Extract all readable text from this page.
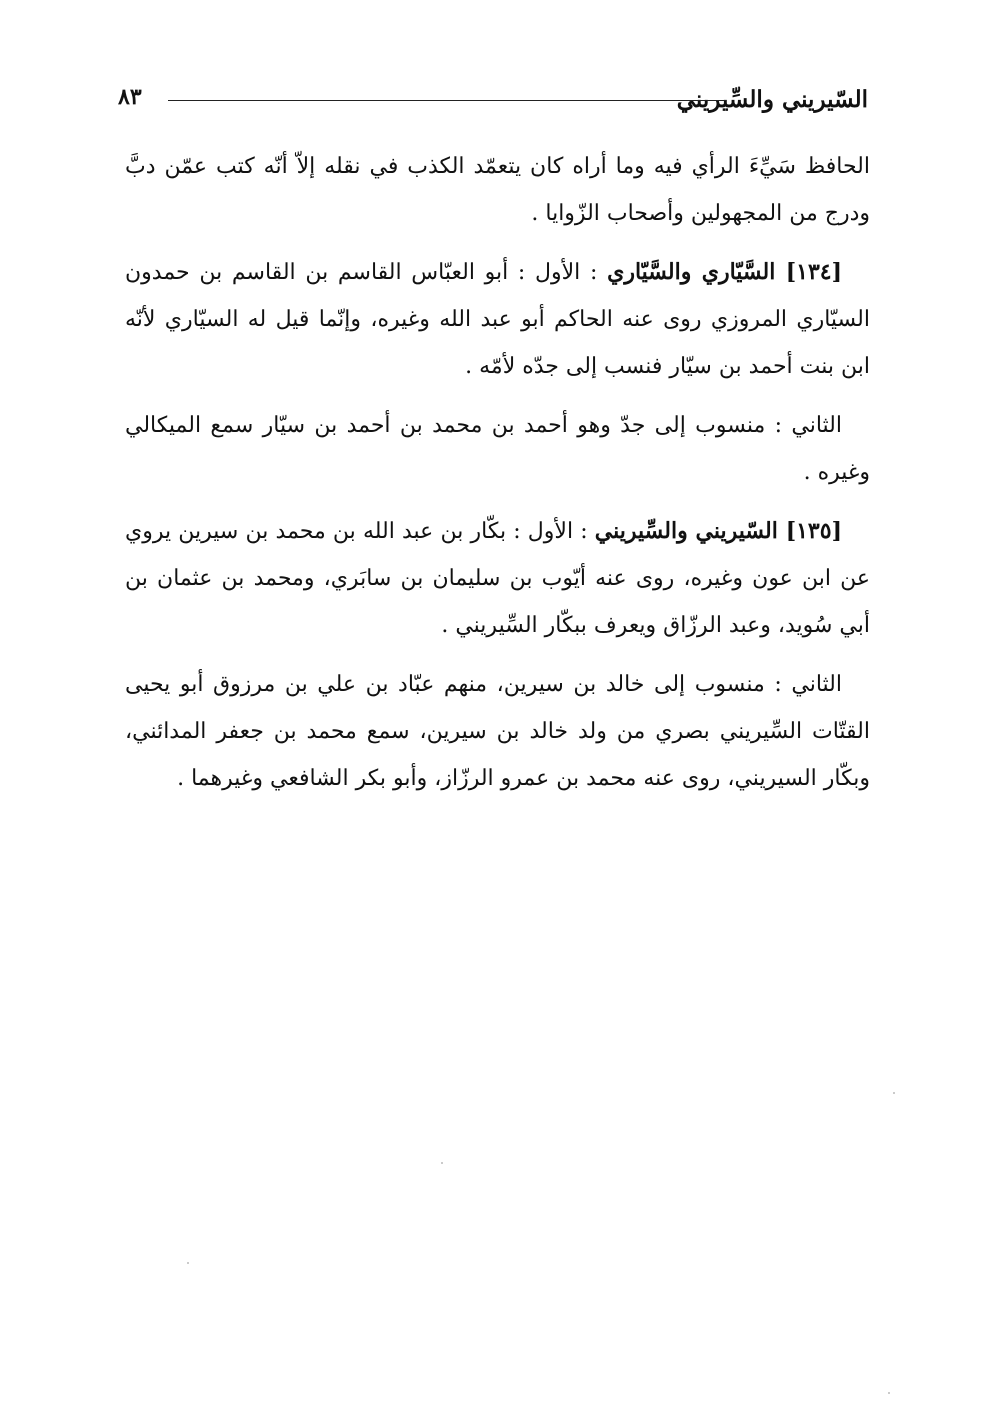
السّيريني والسِّيريني
٨٣

الحافظ سَيِّءَ الرأي فيه وما أراه كان يتعمّد الكذب في نقله إلاّ أنّه كتب عمّن دبَّ ودرج من المجهولين وأصحاب الزّوايا .

[١٣٤] السَّيّاري والسَّيّاري : الأول : أبو العبّاس القاسم بن القاسم بن حمدون السيّاري المروزي روى عنه الحاكم أبو عبد الله وغيره، وإنّما قيل له السيّاري لأنّه ابن بنت أحمد بن سيّار فنسب إلى جدّه لأمّه .

الثاني : منسوب إلى جدّ وهو أحمد بن محمد بن أحمد بن سيّار سمع الميكالي وغيره .

[١٣٥] السّيريني والسِّيريني : الأول : بكّار بن عبد الله بن محمد بن سيرين يروي عن ابن عون وغيره، روى عنه أيّوب بن سليمان بن سابَري، ومحمد بن عثمان بن أبي سُويد، وعبد الرزّاق ويعرف ببكّار السِّيريني .

الثاني : منسوب إلى خالد بن سيرين، منهم عبّاد بن علي بن مرزوق أبو يحيى القتّات السِّيريني بصري من ولد خالد بن سيرين، سمع محمد بن جعفر المدائني، وبكّار السيريني، روى عنه محمد بن عمرو الرزّاز، وأبو بكر الشافعي وغيرهما .
